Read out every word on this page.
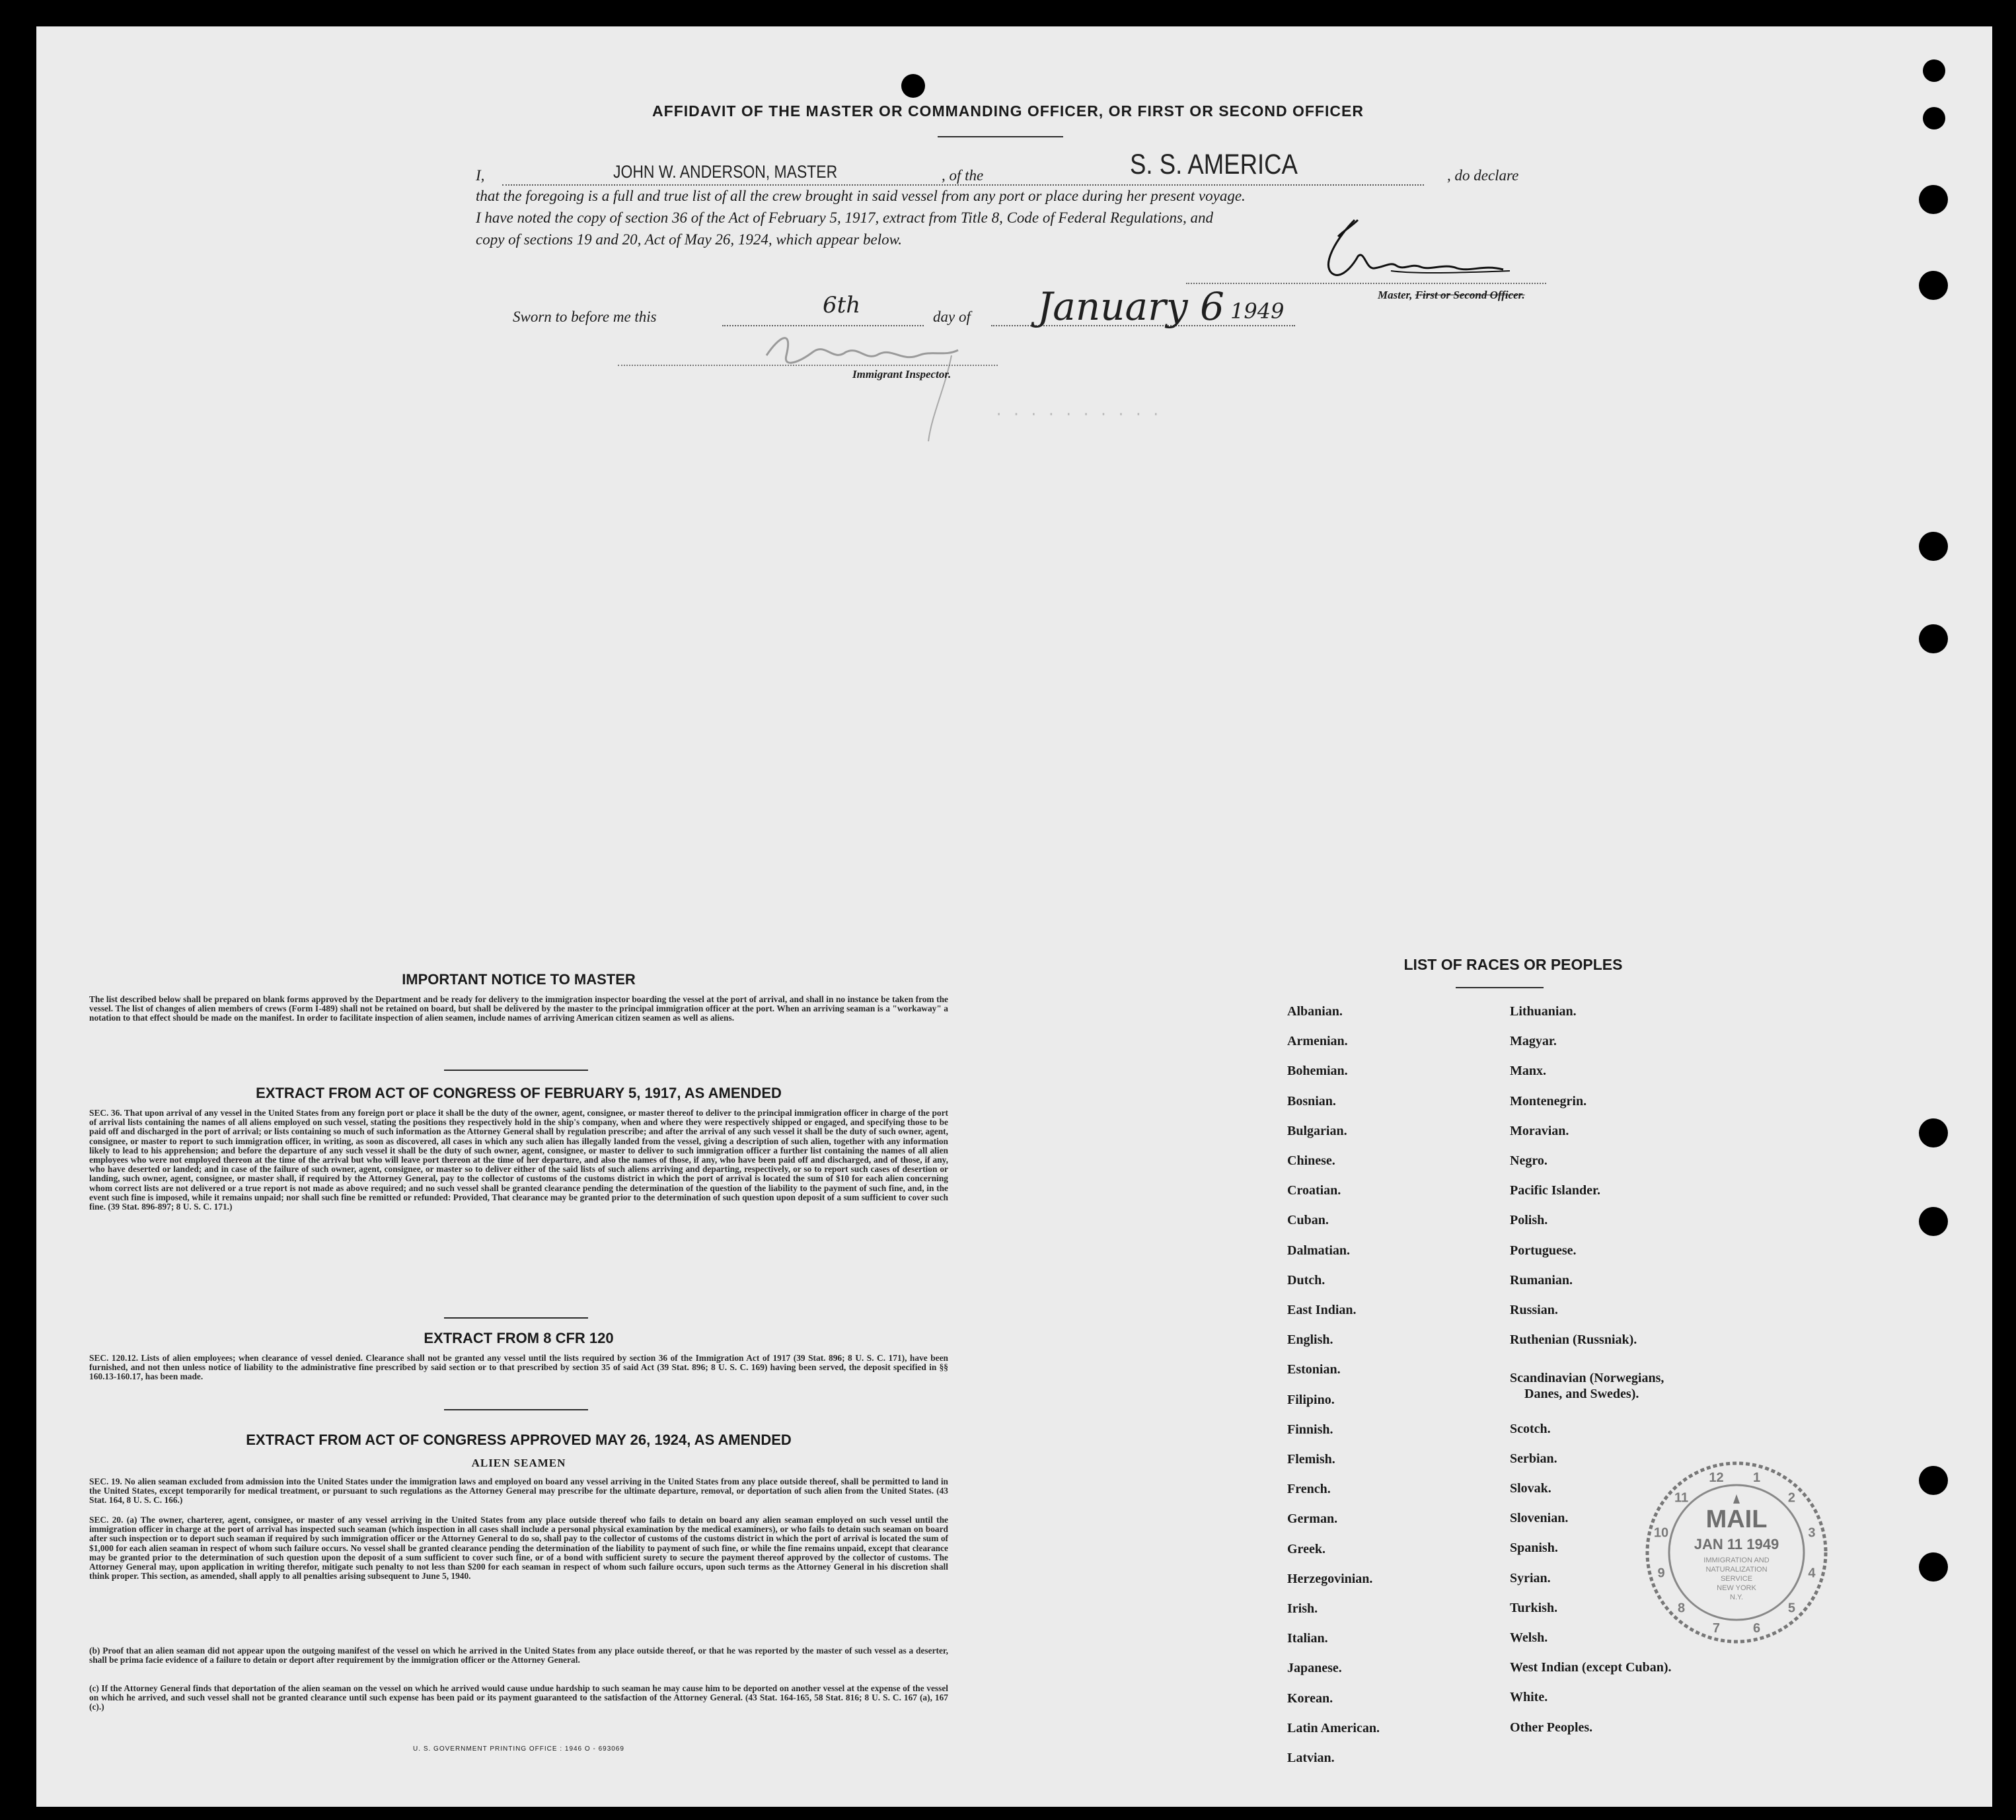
· · · · · · · · · ·
AFFIDAVIT OF THE MASTER OR COMMANDING OFFICER, OR FIRST OR SECOND OFFICER
I,	JOHN W. ANDERSON, MASTER	, of the	S. S. AMERICA	, do declare
that the foregoing is a full and true list of all the crew brought in said vessel from any port or place during her present voyage.
I have noted the copy of section 36 of the Act of February 5, 1917, extract from Title 8, Code of Federal Regulations, and
copy of sections 19 and 20, Act of May 26, 1924, which appear below.
Master, First or Second Officer.
Sworn to before me this	6th	day of	January 6 1949
Immigrant Inspector.
IMPORTANT NOTICE TO MASTER
The list described below shall be prepared on blank forms approved by the Department and be ready for delivery to the immigration inspector boarding the vessel at the port of arrival, and shall in no instance be taken from the vessel. The list of changes of alien members of crews (Form I-489) shall not be retained on board, but shall be delivered by the master to the principal immigration officer at the port. When an arriving seaman is a "workaway" a notation to that effect should be made on the manifest. In order to facilitate inspection of alien seamen, include names of arriving American citizen seamen as well as aliens.
EXTRACT FROM ACT OF CONGRESS OF FEBRUARY 5, 1917, AS AMENDED
SEC. 36. That upon arrival of any vessel in the United States from any foreign port or place it shall be the duty of the owner, agent, consignee, or master thereof to deliver to the principal immigration officer in charge of the port of arrival lists containing the names of all aliens employed on such vessel, stating the positions they respectively hold in the ship's company, when and where they were respectively shipped or engaged, and specifying those to be paid off and discharged in the port of arrival; or lists containing so much of such information as the Attorney General shall by regulation prescribe; and after the arrival of any such vessel it shall be the duty of such owner, agent, consignee, or master to report to such immigration officer, in writing, as soon as discovered, all cases in which any such alien has illegally landed from the vessel, giving a description of such alien, together with any information likely to lead to his apprehension; and before the departure of any such vessel it shall be the duty of such owner, agent, consignee, or master to deliver to such immigration officer a further list containing the names of all alien employees who were not employed thereon at the time of the arrival but who will leave port thereon at the time of her departure, and also the names of those, if any, who have been paid off and discharged, and of those, if any, who have deserted or landed; and in case of the failure of such owner, agent, consignee, or master so to deliver either of the said lists of such aliens arriving and departing, respectively, or so to report such cases of desertion or landing, such owner, agent, consignee, or master shall, if required by the Attorney General, pay to the collector of customs of the customs district in which the port of arrival is located the sum of $10 for each alien concerning whom correct lists are not delivered or a true report is not made as above required; and no such vessel shall be granted clearance pending the determination of the question of the liability to the payment of such fine, and, in the event such fine is imposed, while it remains unpaid; nor shall such fine be remitted or refunded: Provided, That clearance may be granted prior to the determination of such question upon deposit of a sum sufficient to cover such fine. (39 Stat. 896-897; 8 U. S. C. 171.)
EXTRACT FROM 8 CFR 120
SEC. 120.12. Lists of alien employees; when clearance of vessel denied. Clearance shall not be granted any vessel until the lists required by section 36 of the Immigration Act of 1917 (39 Stat. 896; 8 U. S. C. 171), have been furnished, and not then unless notice of liability to the administrative fine prescribed by said section or to that prescribed by section 35 of said Act (39 Stat. 896; 8 U. S. C. 169) having been served, the deposit specified in §§ 160.13-160.17, has been made.
EXTRACT FROM ACT OF CONGRESS APPROVED MAY 26, 1924, AS AMENDED
ALIEN SEAMEN
SEC. 19. No alien seaman excluded from admission into the United States under the immigration laws and employed on board any vessel arriving in the United States from any place outside thereof, shall be permitted to land in the United States, except temporarily for medical treatment, or pursuant to such regulations as the Attorney General may prescribe for the ultimate departure, removal, or deportation of such alien from the United States. (43 Stat. 164, 8 U. S. C. 166.)
SEC. 20. (a) The owner, charterer, agent, consignee, or master of any vessel arriving in the United States from any place outside thereof who fails to detain on board any alien seaman employed on such vessel until the immigration officer in charge at the port of arrival has inspected such seaman (which inspection in all cases shall include a personal physical examination by the medical examiners), or who fails to detain such seaman on board after such inspection or to deport such seaman if required by such immigration officer or the Attorney General to do so, shall pay to the collector of customs of the customs district in which the port of arrival is located the sum of $1,000 for each alien seaman in respect of whom such failure occurs. No vessel shall be granted clearance pending the determination of the liability to payment of such fine, or while the fine remains unpaid, except that clearance may be granted prior to the determination of such question upon the deposit of a sum sufficient to cover such fine, or of a bond with sufficient surety to secure the payment thereof approved by the collector of customs. The Attorney General may, upon application in writing therefor, mitigate such penalty to not less than $200 for each seaman in respect of whom such failure occurs, upon such terms as the Attorney General in his discretion shall think proper. This section, as amended, shall apply to all penalties arising subsequent to June 5, 1940.
(b) Proof that an alien seaman did not appear upon the outgoing manifest of the vessel on which he arrived in the United States from any place outside thereof, or that he was reported by the master of such vessel as a deserter, shall be prima facie evidence of a failure to detain or deport after requirement by the immigration officer or the Attorney General.
(c) If the Attorney General finds that deportation of the alien seaman on the vessel on which he arrived would cause undue hardship to such seaman he may cause him to be deported on another vessel at the expense of the vessel on which he arrived, and such vessel shall not be granted clearance until such expense has been paid or its payment guaranteed to the satisfaction of the Attorney General. (43 Stat. 164-165, 58 Stat. 816; 8 U. S. C. 167 (a), 167 (c).)
U. S. GOVERNMENT PRINTING OFFICE : 1946 O - 693069
LIST OF RACES OR PEOPLES
Albanian.
Armenian.
Bohemian.
Bosnian.
Bulgarian.
Chinese.
Croatian.
Cuban.
Dalmatian.
Dutch.
East Indian.
English.
Estonian.
Filipino.
Finnish.
Flemish.
French.
German.
Greek.
Herzegovinian.
Irish.
Italian.
Japanese.
Korean.
Latin American.
Latvian.
Lithuanian.
Magyar.
Manx.
Montenegrin.
Moravian.
Negro.
Pacific Islander.
Polish.
Portuguese.
Rumanian.
Russian.
Ruthenian (Russniak).
Scandinavian (Norwegians,
Danes, and Swedes).
Scotch.
Serbian.
Slovak.
Slovenian.
Spanish.
Syrian.
Turkish.
Welsh.
West Indian (except Cuban).
White.
Other Peoples.
1
2
3
4
5
6
7
8
9
10
11
12
MAIL
JAN 11 1949
IMMIGRATION AND
NATURALIZATION
SERVICE
NEW YORK
N.Y.
